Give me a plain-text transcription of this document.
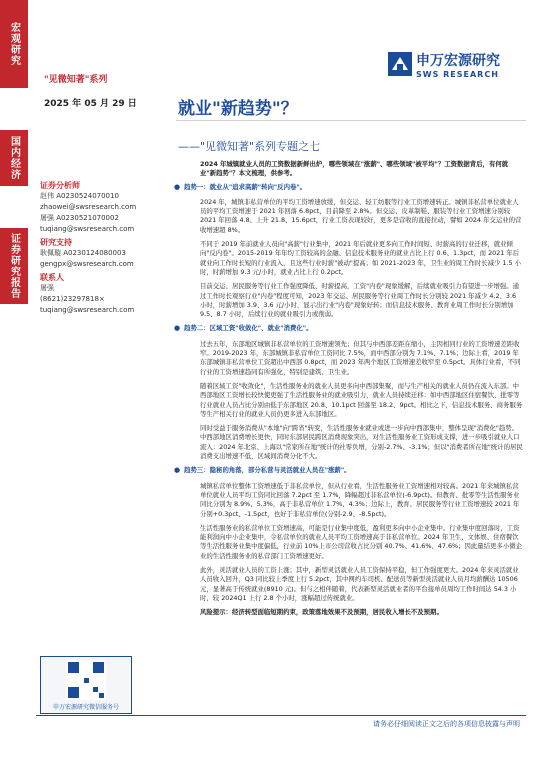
宏观研究
国内经济
证券研究报告
"见微知著"系列
申万宏源研究
SWS RESEARCH
2025 年 05 月 29 日 就业"新趋势"？
——"见微知著"系列专题之七
证券分析师
赵伟 A0230524070010
zhaowei@swsresearch.com
屠强 A0230521070002
tuqiang@swsresearch.com
研究支持
耿佩璇 A0230124080003
gengpx@swsresearch.com
联系人
屠强
(8621)23297818×
tuqiang@swsresearch.com
2024 年城镇就业人员的工资数据新鲜出炉，哪些领域在"涨薪"、哪些领域"被平均"？工资数据背后，有何就业"新趋势"？本文梳理，供参考。
● 趋势一：就业从"追求高薪"转向"反内卷"。

2024 年，城镇非私营单位的平均工资增速放缓，但交运、轻工纺服等行业工资增速转正。城镇非私营单位就业人员的平均工资增速于 2021 年回落 6.8pct，目前降至 2.8%。但交运、皮革制鞋、服装等行业工资增速分别较 2021 年回落 4.8、上升 21.8、15.6pct，行业工资表现较好，更多是营收的直接拉动，譬如 2024 年交运业的营收增速超 8%。

不同于 2019 年前就业人员向"高薪"行业集中，2021 年后就业更多向工作时间短、时薪高的行业迁移，就业倾向"反内卷"。2015-2019 年年均工资较高的金融、信息技术服务业的就业占比上行 0.6、1.3pct，而 2021 年后就业向工作时长短的行业流入，且这些行业时薪"被动"提高；如 2021-2023 年，卫生业的周工作时长减少 1.5 小时，时薪增加 9.3 元/小时，就业占比上行 0.2pct。

目前交运、居民服务等行业工作强度降低、时薪提高，工资"内卷"现象缓解，后续就业吸引力有望进一步增强。通过工作时长观察行业"内卷"程度可知，2023 年交运、居民服务等行业周工作时长分别较 2021 年减少 4.2、3.6 小时，时薪增加 3.9、3.6 元/小时，显示出行业"内卷"现象好转；而信息技术服务、教育业周工作时长分别增加 9.5、8.7 小时，后续行业的就业吸引力或削弱。

● 趋势二：区域工资"收敛化"、就业"消费化"。

过去五年，东部地区城镇非私营单位的工资增速领先；但其与中西部差距在缩小，主因相同行业的工资增速差距收窄。2019-2023 年，东部城镇非私营单位工资同比 7.5%，而中西部分别为 7.1%、7.1%；边际上看，2019 年东部城镇非私营单位工资超出中西部 0.8pct，而 2023 年两个地区工资增速差收窄至 0.5pct。具体行业看，不同行业的工资增速趋同有所强化，特别是建筑、卫生业。

随着区域工资"收敛化"，生活性服务业的就业人员更多向中西部集聚，而与生产相关的就业人员仍在流入东部。中西部地区工资增长较快使更强了生活性服务业的就业吸引力，就业人员持续迁移：如中西部地区住宿餐饮、批零等行业就业人员占比分别由低于东部地区 20.8、10.1pct 回落至 18.2、9pct。相比之下，信息技术服务、商务服务等生产相关行业的就业人员仍更多进入东部地区。

同时受益于服务消费从"本地"向"跨省"转变，生活性服务业就业或进一步向中西部集中，整体呈现"消费化"趋势。中西部地区消费增长更快，同时东部居民跨区消费现象突出，对生活性服务业工资形成支撑，进一步吸引就业人口流入：2024 年北京、上海以"常家所在地"统计的社零负增，分别-2.7%、-3.1%；但以"消费者所在地"统计的居民消费支出增速不低，区域间消费分化不大。

● 趋势三：隐秘的角落，部分私营与灵活就业人员在"涨薪"。

城镇私营单位整体工资增速低于非私营单位，但从行业看，生活性服务业工资增速相对较高。2021 年来城镇私营单位就业人员平均工资同比回落 7.2pct 至 1.7%，降幅超过非私营单位(-6.9pct)。但教育、批零等生活性服务业同比分别为 8.9%、5.3%，高于非私营单位 1.7%、4.3%；边际上，教育、居民服务等行业工资增速较 2021 年分别+0.3pct、-1.5pct，也好于非私营单位(分别-2.9、-8.5pct)。

生活性服务业的私营单位工资增速高，可能是行业集中度低，盈利更多向中小企业集中。行业集中度回落时，工资能利润向中小企业集中，令私营单位的就业人员平均工资增速高于非私营单位。2024 年卫生、文体娱、住宿餐饮等生活性服务业集中度偏低，行业前 10%上市公司营收占比分别 40.7%、41.6%、47.6%；因此量结更多小微企业的生活性服务业的私营部门工资增速更好。

此外，灵活就业人员的工资上涨；其中，新型灵活就业人员工资保持平稳，但工作强度更大。2024 年来灵活就业人员收入回升，Q3 同比较上季度上行 5.2pct，其中网约车司机、配送员等新型灵活就业人员月均薪酬达 10506 元，显著高于传统就业(8910 元)。但与之相伴随着，代表新型灵活就业者的平台接单员周均工作时间达 54.3 小时，较 2024Q1 上行 2.8 个小时，涨幅超过传统就业。

风险提示：经济转型面临短期约束，政策落地效果不及预期，居民收入增长不及预期。
申万宏源研究微信服务号
请务必仔细阅读正文之后的各项信息披露与声明
